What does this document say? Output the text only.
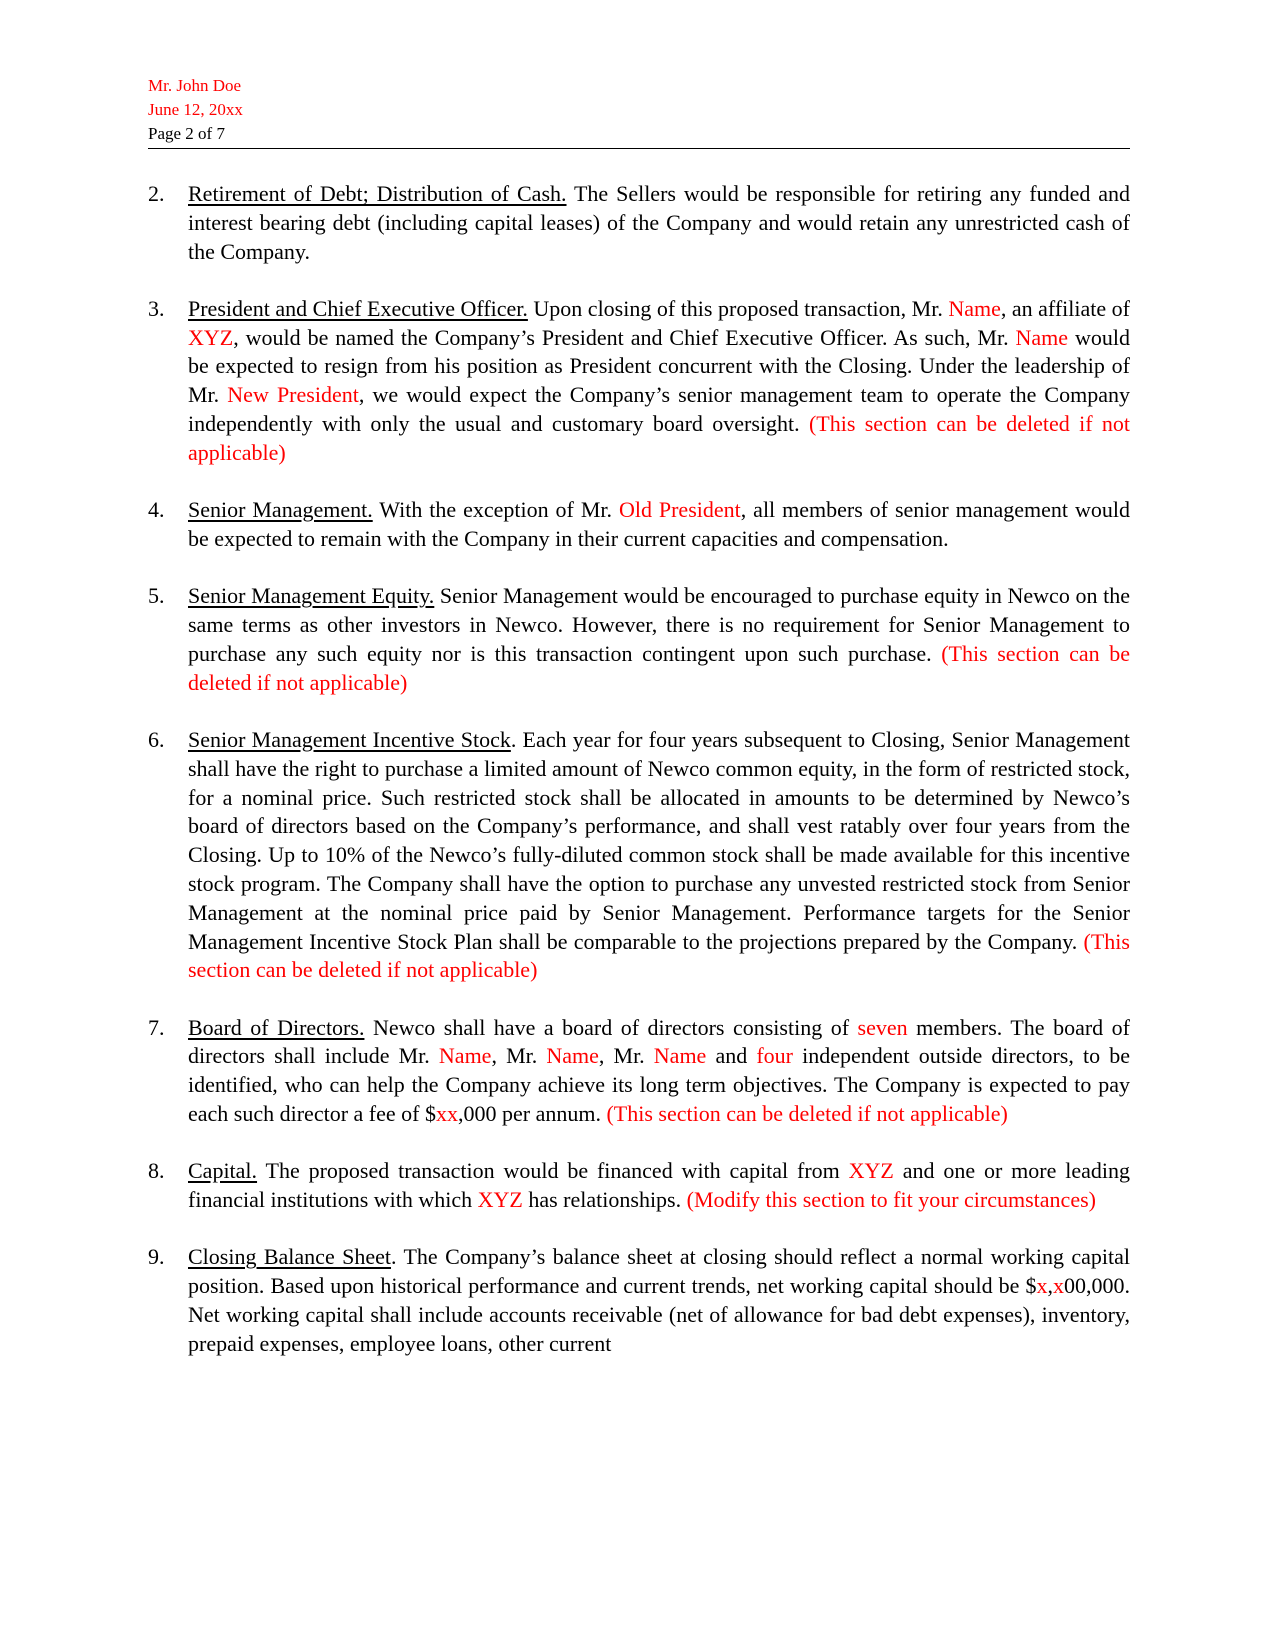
Mr. John Doe
June 12, 20xx
Page 2 of 7
2. Retirement of Debt; Distribution of Cash. The Sellers would be responsible for retiring any funded and interest bearing debt (including capital leases) of the Company and would retain any unrestricted cash of the Company.

3. President and Chief Executive Officer. Upon closing of this proposed transaction, Mr. Name, an affiliate of XYZ, would be named the Company’s President and Chief Executive Officer. As such, Mr. Name would be expected to resign from his position as President concurrent with the Closing. Under the leadership of Mr. New President, we would expect the Company’s senior management team to operate the Company independently with only the usual and customary board oversight. (This section can be deleted if not applicable)

4. Senior Management. With the exception of Mr. Old President, all members of senior management would be expected to remain with the Company in their current capacities and compensation.

5. Senior Management Equity. Senior Management would be encouraged to purchase equity in Newco on the same terms as other investors in Newco. However, there is no requirement for Senior Management to purchase any such equity nor is this transaction contingent upon such purchase. (This section can be deleted if not applicable)

6. Senior Management Incentive Stock. Each year for four years subsequent to Closing, Senior Management shall have the right to purchase a limited amount of Newco common equity, in the form of restricted stock, for a nominal price. Such restricted stock shall be allocated in amounts to be determined by Newco’s board of directors based on the Company’s performance, and shall vest ratably over four years from the Closing. Up to 10% of the Newco’s fully-diluted common stock shall be made available for this incentive stock program. The Company shall have the option to purchase any unvested restricted stock from Senior Management at the nominal price paid by Senior Management. Performance targets for the Senior Management Incentive Stock Plan shall be comparable to the projections prepared by the Company. (This section can be deleted if not applicable)

7. Board of Directors. Newco shall have a board of directors consisting of seven members. The board of directors shall include Mr. Name, Mr. Name, Mr. Name and four independent outside directors, to be identified, who can help the Company achieve its long term objectives. The Company is expected to pay each such director a fee of $xx,000 per annum. (This section can be deleted if not applicable)

8. Capital. The proposed transaction would be financed with capital from XYZ and one or more leading financial institutions with which XYZ has relationships. (Modify this section to fit your circumstances)

9. Closing Balance Sheet. The Company’s balance sheet at closing should reflect a normal working capital position. Based upon historical performance and current trends, net working capital should be $x,x00,000. Net working capital shall include accounts receivable (net of allowance for bad debt expenses), inventory, prepaid expenses, employee loans, other current
